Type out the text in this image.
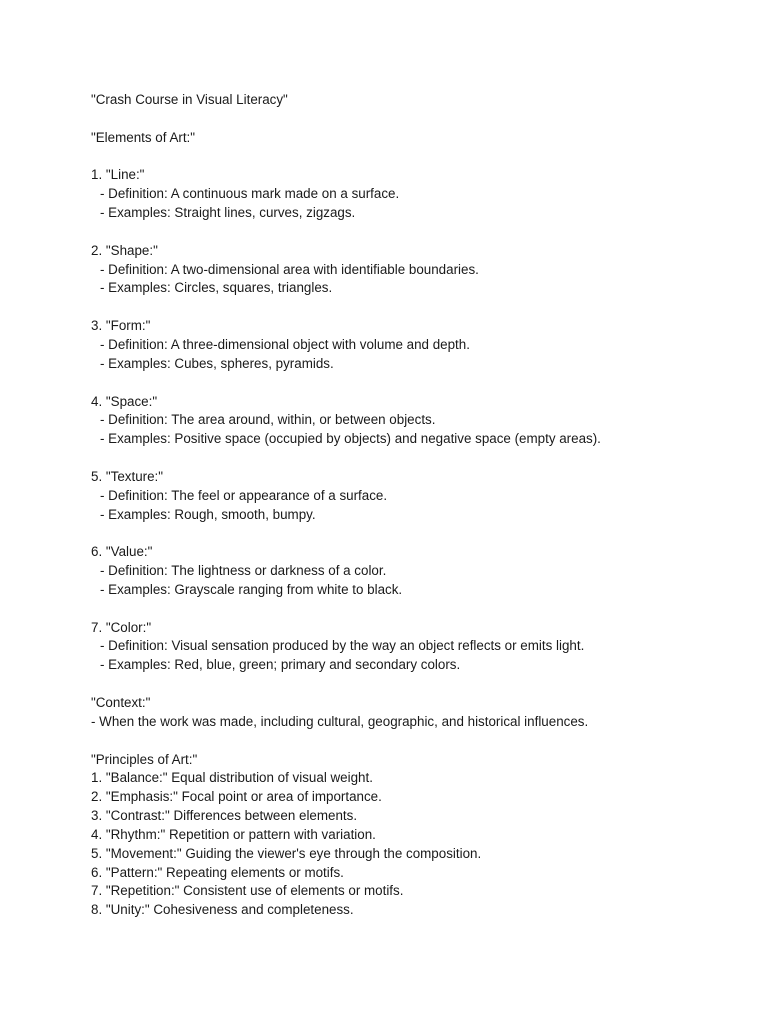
"Crash Course in Visual Literacy"
"Elements of Art:"
1. "Line:"
- Definition: A continuous mark made on a surface.
- Examples: Straight lines, curves, zigzags.
2. "Shape:"
- Definition: A two-dimensional area with identifiable boundaries.
- Examples: Circles, squares, triangles.
3. "Form:"
- Definition: A three-dimensional object with volume and depth.
- Examples: Cubes, spheres, pyramids.
4. "Space:"
- Definition: The area around, within, or between objects.
- Examples: Positive space (occupied by objects) and negative space (empty areas).
5. "Texture:"
- Definition: The feel or appearance of a surface.
- Examples: Rough, smooth, bumpy.
6. "Value:"
- Definition: The lightness or darkness of a color.
- Examples: Grayscale ranging from white to black.
7. "Color:"
- Definition: Visual sensation produced by the way an object reflects or emits light.
- Examples: Red, blue, green; primary and secondary colors.
"Context:"
- When the work was made, including cultural, geographic, and historical influences.
"Principles of Art:"
1. "Balance:" Equal distribution of visual weight.
2. "Emphasis:" Focal point or area of importance.
3. "Contrast:" Differences between elements.
4. "Rhythm:" Repetition or pattern with variation.
5. "Movement:" Guiding the viewer's eye through the composition.
6. "Pattern:" Repeating elements or motifs.
7. "Repetition:" Consistent use of elements or motifs.
8. "Unity:" Cohesiveness and completeness.
